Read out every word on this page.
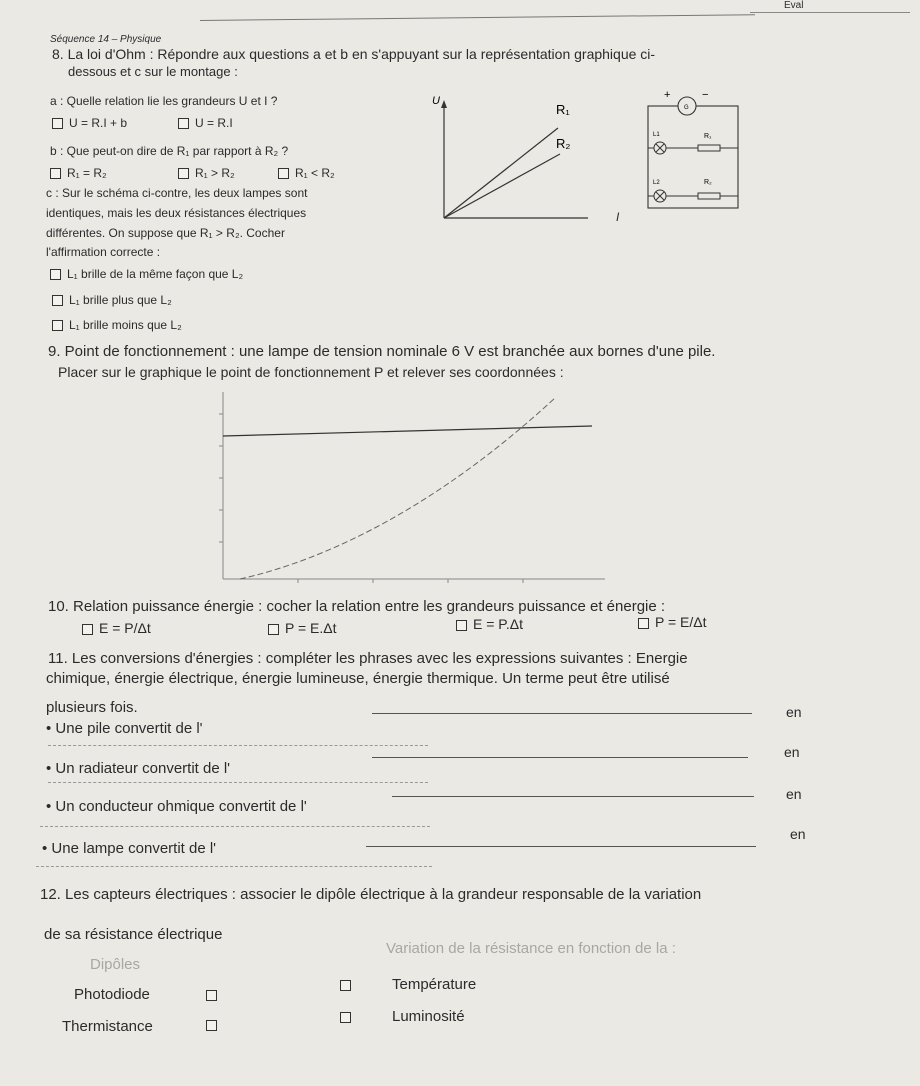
Eval
Séquence 14 – Physique
8. La loi d'Ohm : Répondre aux questions a et b en s'appuyant sur la représentation graphique ci-
dessous et c sur le montage :
a : Quelle relation lie les grandeurs U et I ?
U = R.I + b	U = R.I
b : Que peut-on dire de R₁ par rapport à R₂ ?
R₁ = R₂	R₁ > R₂	R₁ < R₂
c : Sur le schéma ci-contre, les deux lampes sont
identiques, mais les deux résistances électriques
différentes. On suppose que R₁ > R₂. Cocher
l'affirmation correcte :
L₁ brille de la même façon que L₂
L₁ brille plus que L₂
L₁ brille moins que L₂
U
R₁
R₂
I
G
+	−
L1
L2
R₁
R₂
9. Point de fonctionnement : une lampe de tension nominale 6 V est branchée aux bornes d'une pile.
Placer sur le graphique le point de fonctionnement P et relever ses coordonnées :
10. Relation puissance énergie : cocher la relation entre les grandeurs puissance et énergie :
E = P/Δt	P = E.Δt	E = P.Δt	P = E/Δt
11. Les conversions d'énergies : compléter les phrases avec les expressions suivantes : Energie
chimique, énergie électrique, énergie lumineuse, énergie thermique. Un terme peut être utilisé
plusieurs fois.
• Une pile convertit de l'
en
• Un radiateur convertit de l'
en
• Un conducteur ohmique convertit de l'
en
• Une lampe convertit de l'
en
12. Les capteurs électriques : associer le dipôle électrique à la grandeur responsable de la variation
de sa résistance électrique
Dipôles
Variation de la résistance en fonction de la :
Photodiode
Température
Thermistance
Luminosité
